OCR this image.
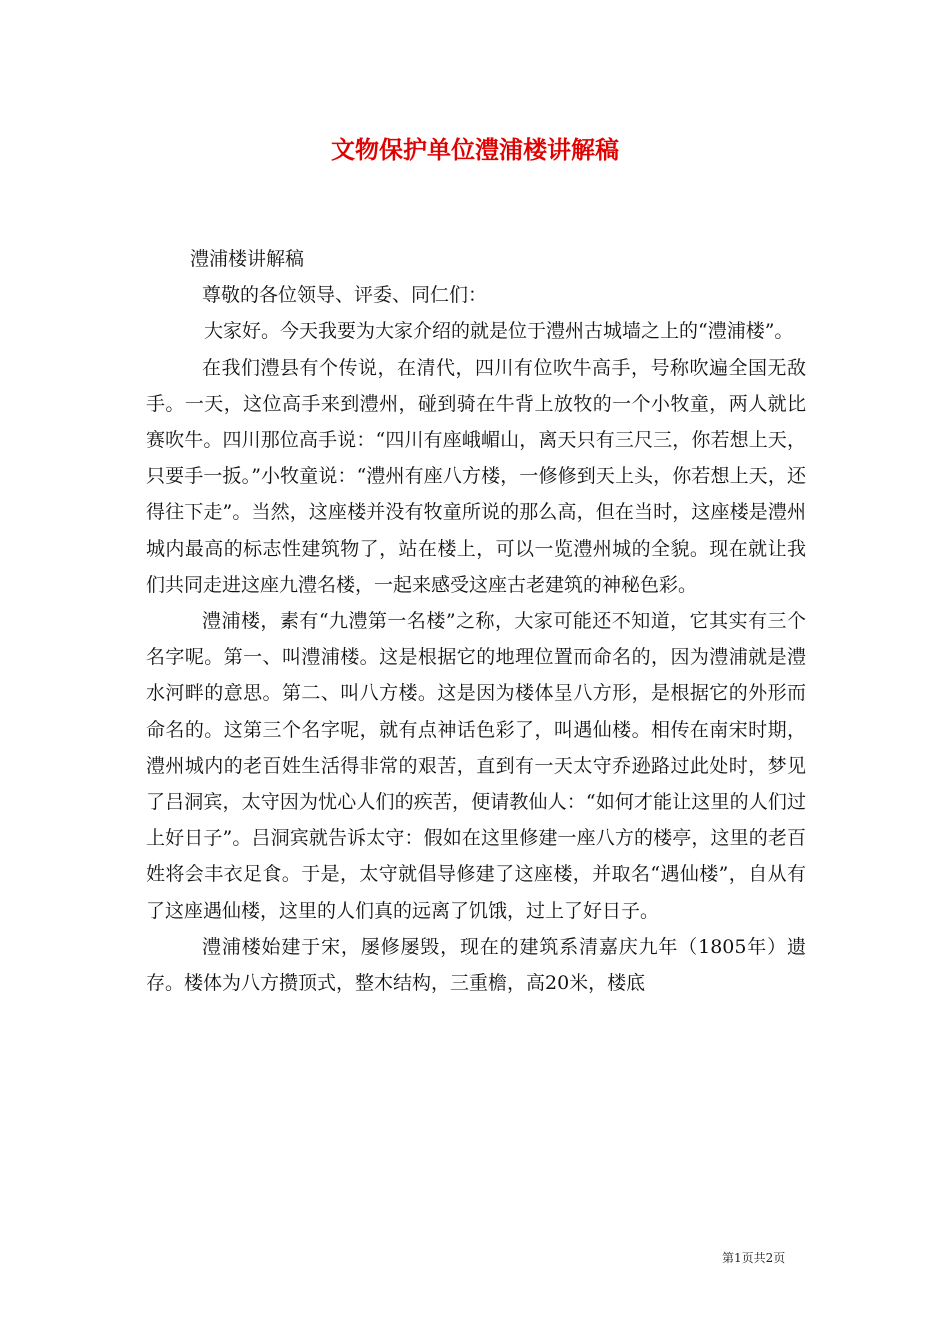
文物保护单位澧浦楼讲解稿

澧浦楼讲解稿

尊敬的各位领导、评委、同仁们：

大家好。今天我要为大家介绍的就是位于澧州古城墙之上的“澧浦楼”。

在我们澧县有个传说，在清代，四川有位吹牛高手，号称吹遍全国无敌手。一天，这位高手来到澧州，碰到骑在牛背上放牧的一个小牧童，两人就比赛吹牛。四川那位高手说：“四川有座峨嵋山，离天只有三尺三，你若想上天，只要手一扳。”小牧童说：“澧州有座八方楼，一修修到天上头，你若想上天，还得往下走”。当然，这座楼并没有牧童所说的那么高，但在当时，这座楼是澧州城内最高的标志性建筑物了，站在楼上，可以一览澧州城的全貌。现在就让我们共同走进这座九澧名楼，一起来感受这座古老建筑的神秘色彩。

澧浦楼，素有“九澧第一名楼”之称，大家可能还不知道，它其实有三个名字呢。第一、叫澧浦楼。这是根据它的地理位置而命名的，因为澧浦就是澧水河畔的意思。第二、叫八方楼。这是因为楼体呈八方形，是根据它的外形而命名的。这第三个名字呢，就有点神话色彩了，叫遇仙楼。相传在南宋时期，澧州城内的老百姓生活得非常的艰苦，直到有一天太守乔逊路过此处时，梦见了吕洞宾，太守因为忧心人们的疾苦，便请教仙人：“如何才能让这里的人们过上好日子”。吕洞宾就告诉太守：假如在这里修建一座八方的楼亭，这里的老百姓将会丰衣足食。于是，太守就倡导修建了这座楼，并取名“遇仙楼”，自从有了这座遇仙楼，这里的人们真的远离了饥饿，过上了好日子。

澧浦楼始建于宋，屡修屡毁，现在的建筑系清嘉庆九年（1805年）遗存。楼体为八方攒顶式，整木结构，三重檐，高20米，楼底

第1页共2页
